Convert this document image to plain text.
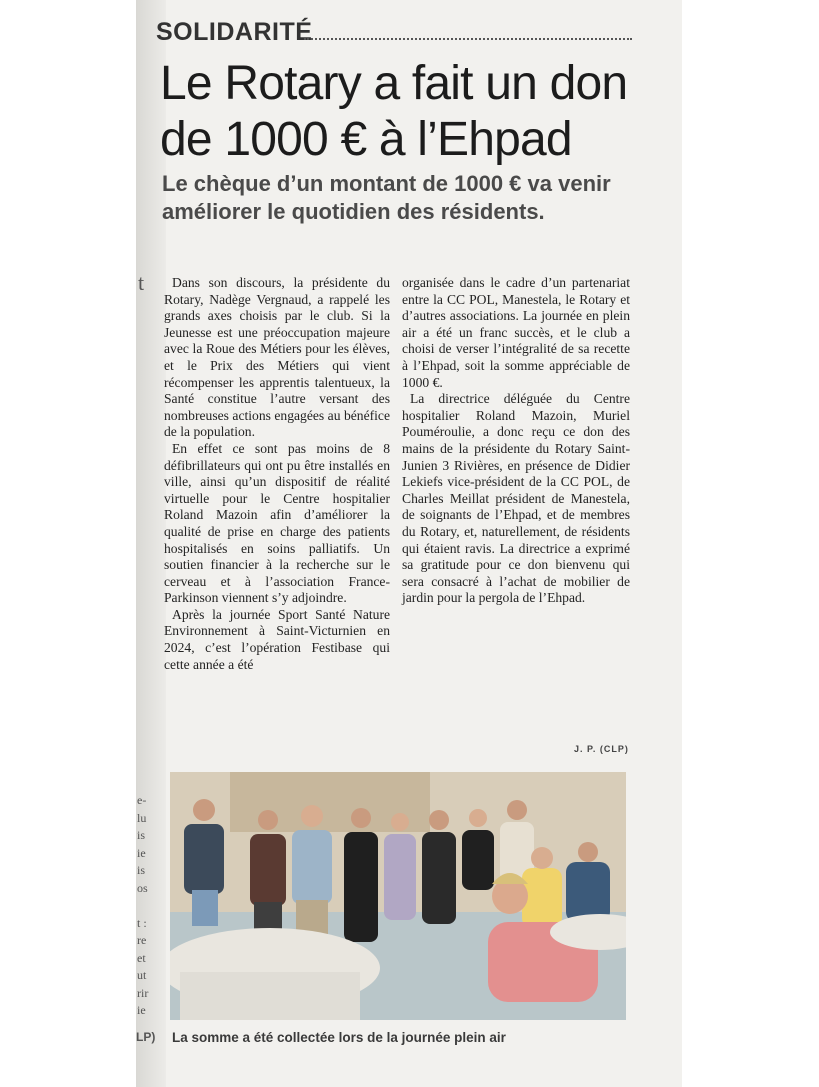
SOLIDARITÉ
Le Rotary a fait un don
de 1000 € à l’Ehpad
Le chèque d’un montant de 1000 € va venir améliorer le quotidien des résidents.
t	Dans son discours, la présidente du Rotary, Nadège Vergnaud, a rappelé les grands axes choisis par le club. Si la Jeunesse est une préoccupation majeure avec la Roue des Métiers pour les élèves, et le Prix des Métiers qui vient récompenser les apprentis talentueux, la Santé constitue l’autre versant des nombreuses actions engagées au bénéfice de la population.

En effet ce sont pas moins de 8 défibrillateurs qui ont pu être installés en ville, ainsi qu’un dispositif de réalité virtuelle pour le Centre hospitalier Roland Mazoin afin d’améliorer la qualité de prise en charge des patients hospitalisés en soins palliatifs. Un soutien financier à la recherche sur le cerveau et à l’association France-Parkinson viennent s’y adjoindre.

Après la journée Sport Santé Nature Environnement à Saint-Victurnien en 2024, c’est l’opération Festibase qui cette année a été

organisée dans le cadre d’un partenariat entre la CC POL, Manestela, le Rotary et d’autres associations. La journée en plein air a été un franc succès, et le club a choisi de verser l’intégralité de sa recette à l’Ehpad, soit la somme appréciable de 1000 €.

La directrice déléguée du Centre hospitalier Roland Mazoin, Muriel Pouméroulie, a donc reçu ce don des mains de la présidente du Rotary Saint-Junien 3 Rivières, en présence de Didier Lekiefs vice-président de la CC POL, de Charles Meillat président de Manestela, de soignants de l’Ehpad, et de membres du Rotary, et, naturellement, de résidents qui étaient ravis. La directrice a exprimé sa gratitude pour ce don bienvenu qui sera consacré à l’achat de mobilier de jardin pour la pergola de l’Ehpad.

J. P. (CLP)
e-
lu
is
ie
is
os

t :
re
et
ut
rir
ie
La somme a été collectée lors de la journée plein air
LP)
